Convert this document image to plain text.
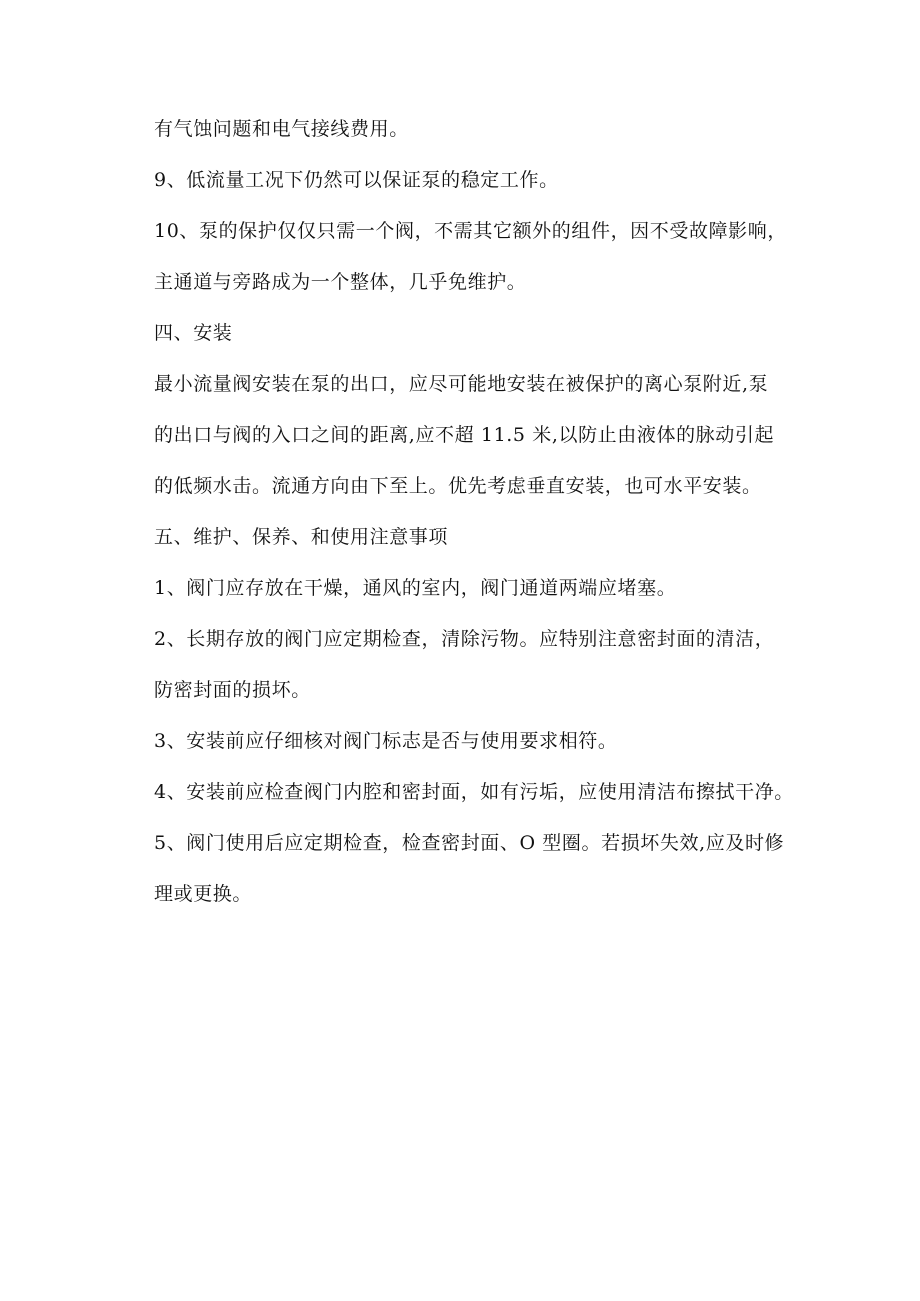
有气蚀问题和电气接线费用。
9、低流量工况下仍然可以保证泵的稳定工作。
10、泵的保护仅仅只需一个阀，不需其它额外的组件，因不受故障影响，
主通道与旁路成为一个整体，几乎免维护。
四、安装
最小流量阀安装在泵的出口，应尽可能地安装在被保护的离心泵附近,泵
的出口与阀的入口之间的距离,应不超 11.5 米,以防止由液体的脉动引起
的低频水击。流通方向由下至上。优先考虑垂直安装，也可水平安装。
五、维护、保养、和使用注意事项
1、阀门应存放在干燥，通风的室内，阀门通道两端应堵塞。
2、长期存放的阀门应定期检查，清除污物。应特别注意密封面的清洁，
防密封面的损坏。
3、安装前应仔细核对阀门标志是否与使用要求相符。
4、安装前应检查阀门内腔和密封面，如有污垢，应使用清洁布擦拭干净。
5、阀门使用后应定期检查，检查密封面、O 型圈。若损坏失效,应及时修
理或更换。
